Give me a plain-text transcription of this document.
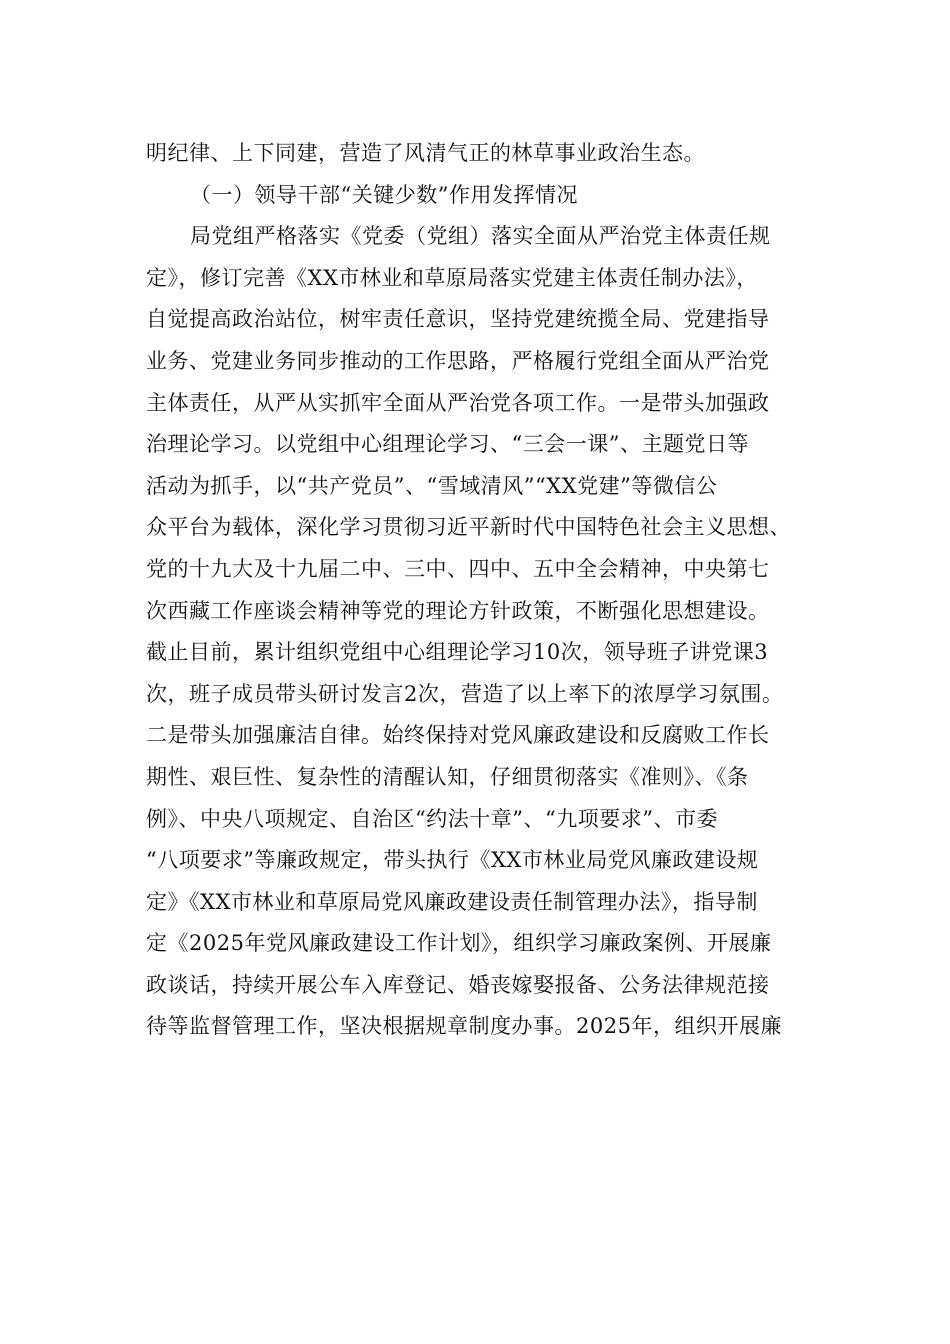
明纪律、上下同建，营造了风清气正的林草事业政治生态。
（一）领导干部“关键少数”作用发挥情况
局党组严格落实《党委（党组）落实全面从严治党主体责任规
定》，修订完善《XX市林业和草原局落实党建主体责任制办法》，
自觉提高政治站位，树牢责任意识，坚持党建统揽全局、党建指导
业务、党建业务同步推动的工作思路，严格履行党组全面从严治党
主体责任，从严从实抓牢全面从严治党各项工作。一是带头加强政
治理论学习。以党组中心组理论学习、“三会一课”、主题党日等
活动为抓手，以“共产党员”、“雪域清风”“XX党建”等微信公
众平台为载体，深化学习贯彻习近平新时代中国特色社会主义思想、
党的十九大及十九届二中、三中、四中、五中全会精神，中央第七
次西藏工作座谈会精神等党的理论方针政策，不断强化思想建设。
截止目前，累计组织党组中心组理论学习10次，领导班子讲党课3
次，班子成员带头研讨发言2次，营造了以上率下的浓厚学习氛围。
二是带头加强廉洁自律。始终保持对党风廉政建设和反腐败工作长
期性、艰巨性、复杂性的清醒认知，仔细贯彻落实《准则》、《条
例》、中央八项规定、自治区“约法十章”、“九项要求”、市委
“八项要求”等廉政规定，带头执行《XX市林业局党风廉政建设规
定》《XX市林业和草原局党风廉政建设责任制管理办法》，指导制
定《2025年党风廉政建设工作计划》，组织学习廉政案例、开展廉
政谈话，持续开展公车入库登记、婚丧嫁娶报备、公务法律规范接
待等监督管理工作，坚决根据规章制度办事。2025年，组织开展廉
